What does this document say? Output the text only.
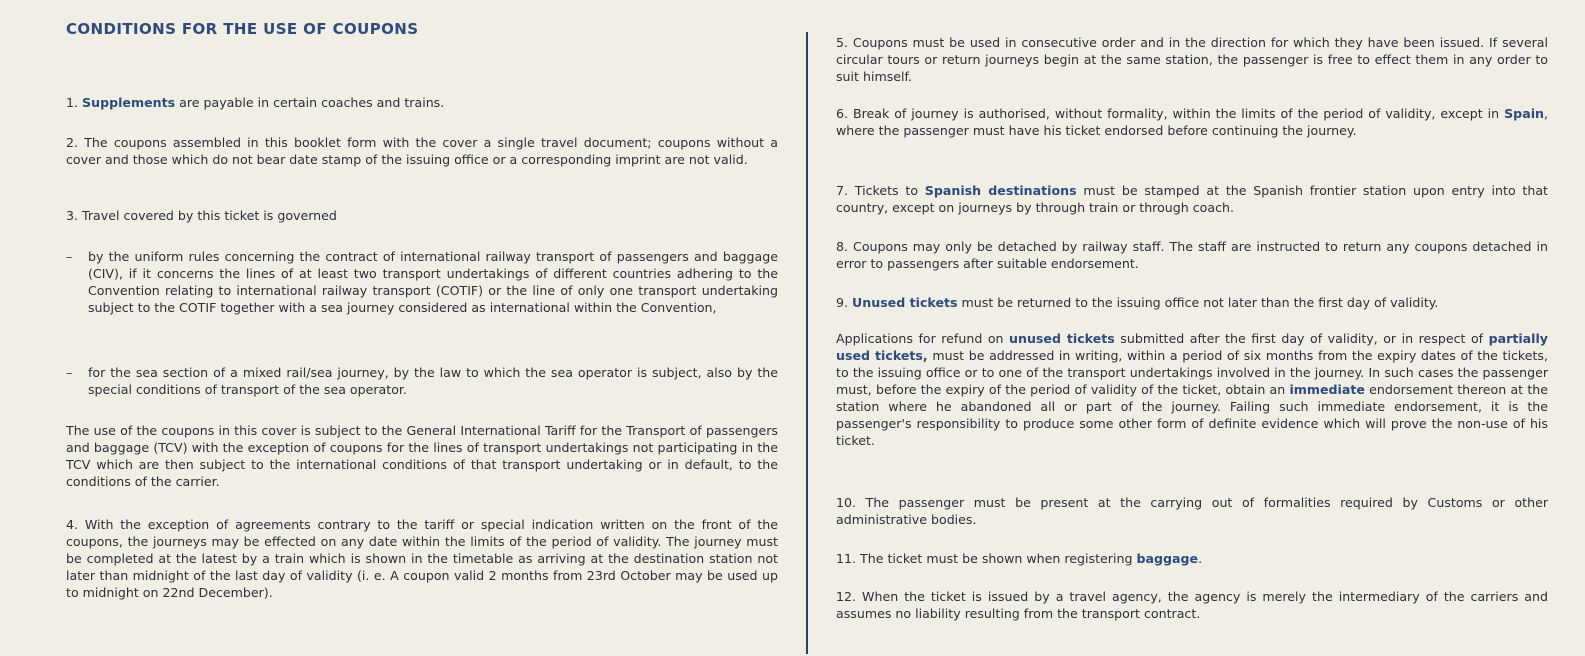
CONDITIONS FOR THE USE OF COUPONS

1. Supplements are payable in certain coaches and trains.

2. The coupons assembled in this booklet form with the cover a single travel document; coupons without a cover and those which do not bear date stamp of the issuing office or a corresponding imprint are not valid.

3. Travel covered by this ticket is governed

–	by the uniform rules concerning the contract of international railway transport of passengers and baggage (CIV), if it concerns the lines of at least two transport undertakings of different countries adhering to the Convention relating to international railway transport (COTIF) or the line of only one transport undertaking subject to the COTIF together with a sea journey considered as international within the Convention,

–	for the sea section of a mixed rail/sea journey, by the law to which the sea operator is subject, also by the special conditions of transport of the sea operator.

The use of the coupons in this cover is subject to the General International Tariff for the Transport of passengers and baggage (TCV) with the exception of coupons for the lines of transport undertakings not participating in the TCV which are then subject to the international conditions of that transport undertaking or in default, to the conditions of the carrier.

4. With the exception of agreements contrary to the tariff or special indication written on the front of the coupons, the journeys may be effected on any date within the limits of the period of validity. The journey must be completed at the latest by a train which is shown in the timetable as arriving at the destination station not later than midnight of the last day of validity (i. e. A coupon valid 2 months from 23rd October may be used up to midnight on 22nd December).

5. Coupons must be used in consecutive order and in the direction for which they have been issued. If several circular tours or return journeys begin at the same station, the passenger is free to effect them in any order to suit himself.

6. Break of journey is authorised, without formality, within the limits of the period of validity, except in Spain, where the passenger must have his ticket endorsed before continuing the journey.

7. Tickets to Spanish destinations must be stamped at the Spanish frontier station upon entry into that country, except on journeys by through train or through coach.

8. Coupons may only be detached by railway staff. The staff are instructed to return any coupons detached in error to passengers after suitable endorsement.

9. Unused tickets must be returned to the issuing office not later than the first day of validity.

Applications for refund on unused tickets submitted after the first day of validity, or in respect of partially used tickets, must be addressed in writing, within a period of six months from the expiry dates of the tickets, to the issuing office or to one of the transport undertakings involved in the journey. In such cases the passenger must, before the expiry of the period of validity of the ticket, obtain an immediate endorsement thereon at the station where he abandoned all or part of the journey. Failing such immediate endorsement, it is the passenger's responsibility to produce some other form of definite evidence which will prove the non-use of his ticket.

10. The passenger must be present at the carrying out of formalities required by Customs or other administrative bodies.

11. The ticket must be shown when registering baggage.

12. When the ticket is issued by a travel agency, the agency is merely the intermediary of the carriers and assumes no liability resulting from the transport contract.
